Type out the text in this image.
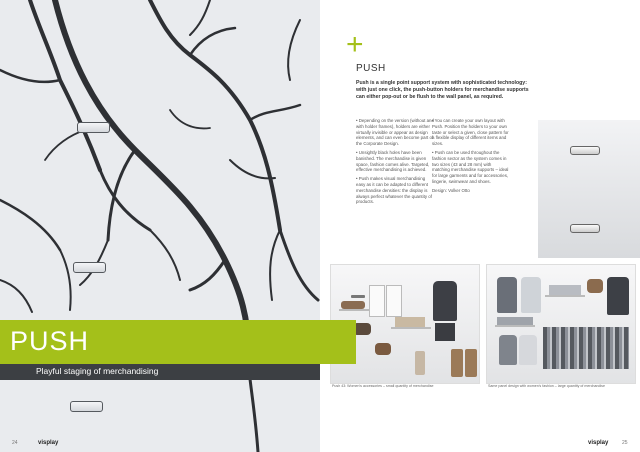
Playful staging of merchandising
24	visplay
+
PUSH
Push is a single point support system with sophisticated technology: with just one click, the push-button holders for merchandise supports can either pop-out or be flush to the wall panel, as required.

• Depending on the version (without and with holder frames), holders are either virtually invisible or appear as design elements, and can even become part of the Corporate Design.

• Unsightly black holes have been banished. The merchandise is given space, fashion comes alive. Targeted, effective merchandising is achieved.

• Push makes visual merchandising easy as it can be adapted to different merchandise densities: the display is always perfect whatever the quantity of products.

• You can create your own layout with Push. Position the holders to your own taste or select a given, close pattern for a flexible display of different items and sizes.

• Push can be used throughout the fashion sector as the system comes in two sizes (43 and 28 mm) with matching merchandise supports – ideal for large garments and for accessories, lingerie, swimwear and shoes.

Design: Volker Otto

Push 43: Women's accessories – small quantity of merchandise	Same panel design with women's fashion – large quantity of merchandise
visplay	25
PUSH
